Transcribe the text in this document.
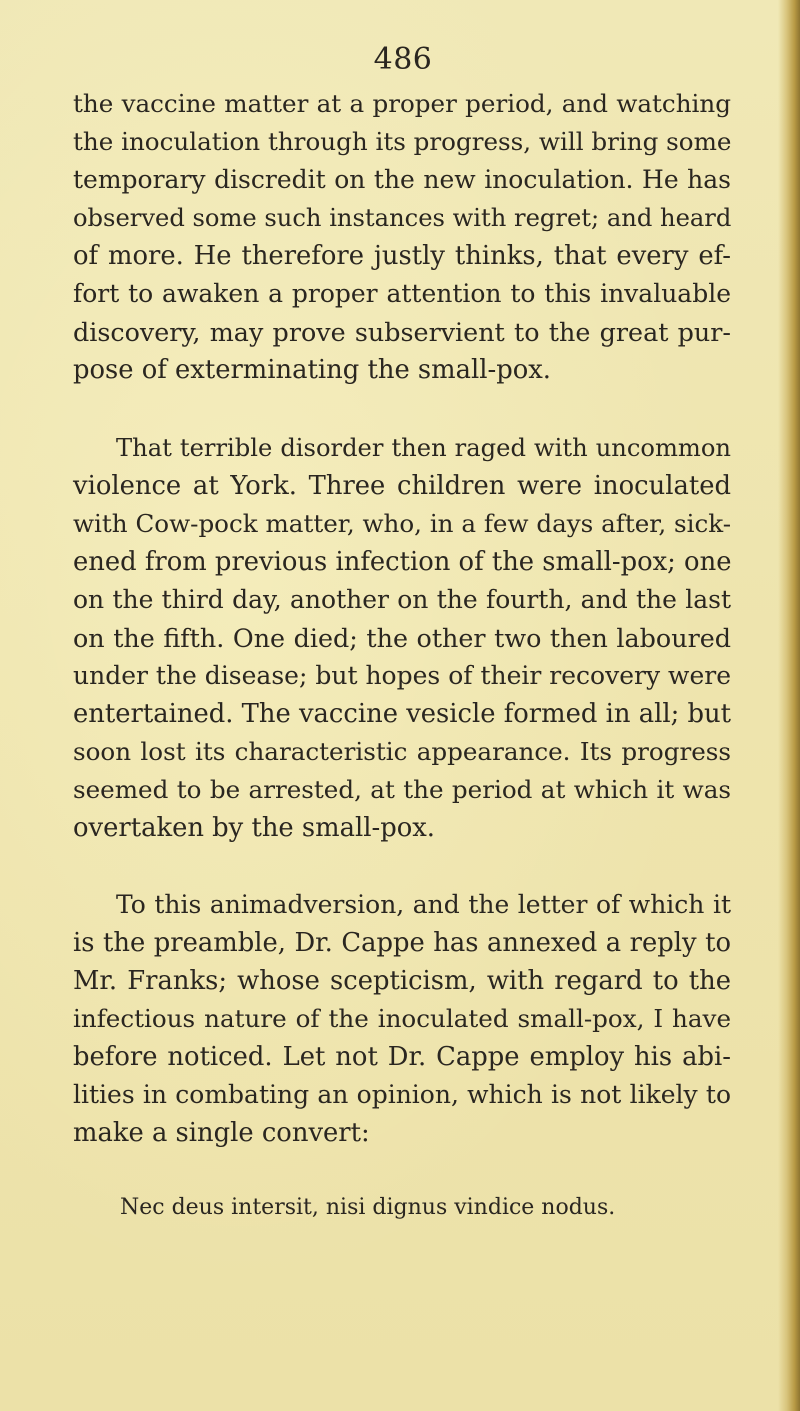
486
the vaccine matter at a proper period, and watching
the inoculation through its progress, will bring some
temporary discredit on the new inoculation. He has
observed some such instances with regret; and heard
of more. He therefore justly thinks, that every ef-
fort to awaken a proper attention to this invaluable
discovery, may prove subservient to the great pur-
pose of exterminating the small-pox.
That terrible disorder then raged with uncommon
violence at York. Three children were inoculated
with Cow-pock matter, who, in a few days after, sick-
ened from previous infection of the small-pox; one
on the third day, another on the fourth, and the last
on the fifth. One died; the other two then laboured
under the disease; but hopes of their recovery were
entertained. The vaccine vesicle formed in all; but
soon lost its characteristic appearance. Its progress
seemed to be arrested, at the period at which it was
overtaken by the small-pox.
To this animadversion, and the letter of which it
is the preamble, Dr. Cappe has annexed a reply to
Mr. Franks; whose scepticism, with regard to the
infectious nature of the inoculated small-pox, I have
before noticed. Let not Dr. Cappe employ his abi-
lities in combating an opinion, which is not likely to
make a single convert:
Nec deus intersit, nisi dignus vindice nodus.
